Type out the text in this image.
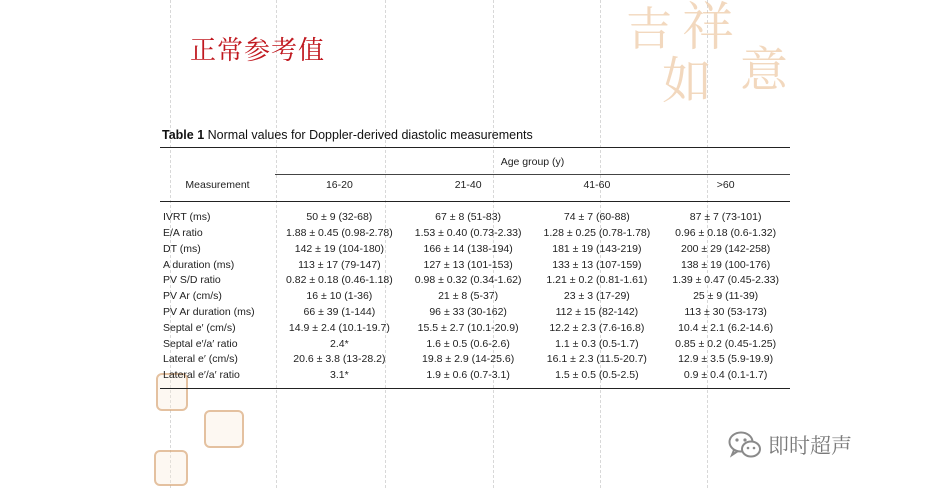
吉 祥
如 意
正常参考值
Table 1 Normal values for Doppler-derived diastolic measurements
	Age group (y)			
Measurement	16-20	21-40	41-60	>60
IVRT (ms)	50 ± 9 (32-68)	67 ± 8 (51-83)	74 ± 7 (60-88)	87 ± 7 (73-101)
E/A ratio	1.88 ± 0.45 (0.98-2.78)	1.53 ± 0.40 (0.73-2.33)	1.28 ± 0.25 (0.78-1.78)	0.96 ± 0.18 (0.6-1.32)
DT (ms)	142 ± 19 (104-180)	166 ± 14 (138-194)	181 ± 19 (143-219)	200 ± 29 (142-258)
A duration (ms)	113 ± 17 (79-147)	127 ± 13 (101-153)	133 ± 13 (107-159)	138 ± 19 (100-176)
PV S/D ratio	0.82 ± 0.18 (0.46-1.18)	0.98 ± 0.32 (0.34-1.62)	1.21 ± 0.2 (0.81-1.61)	1.39 ± 0.47 (0.45-2.33)
PV Ar (cm/s)	16 ± 10 (1-36)	21 ± 8 (5-37)	23 ± 3 (17-29)	25 ± 9 (11-39)
PV Ar duration (ms)	66 ± 39 (1-144)	96 ± 33 (30-162)	112 ± 15 (82-142)	113 ± 30 (53-173)
Septal e′ (cm/s)	14.9 ± 2.4 (10.1-19.7)	15.5 ± 2.7 (10.1-20.9)	12.2 ± 2.3 (7.6-16.8)	10.4 ± 2.1 (6.2-14.6)
Septal e′/a′ ratio	2.4*	1.6 ± 0.5 (0.6-2.6)	1.1 ± 0.3 (0.5-1.7)	0.85 ± 0.2 (0.45-1.25)
Lateral e′ (cm/s)	20.6 ± 3.8 (13-28.2)	19.8 ± 2.9 (14-25.6)	16.1 ± 2.3 (11.5-20.7)	12.9 ± 3.5 (5.9-19.9)
Lateral e′/a′ ratio	3.1*	1.9 ± 0.6 (0.7-3.1)	1.5 ± 0.5 (0.5-2.5)	0.9 ± 0.4 (0.1-1.7)
即时超声
